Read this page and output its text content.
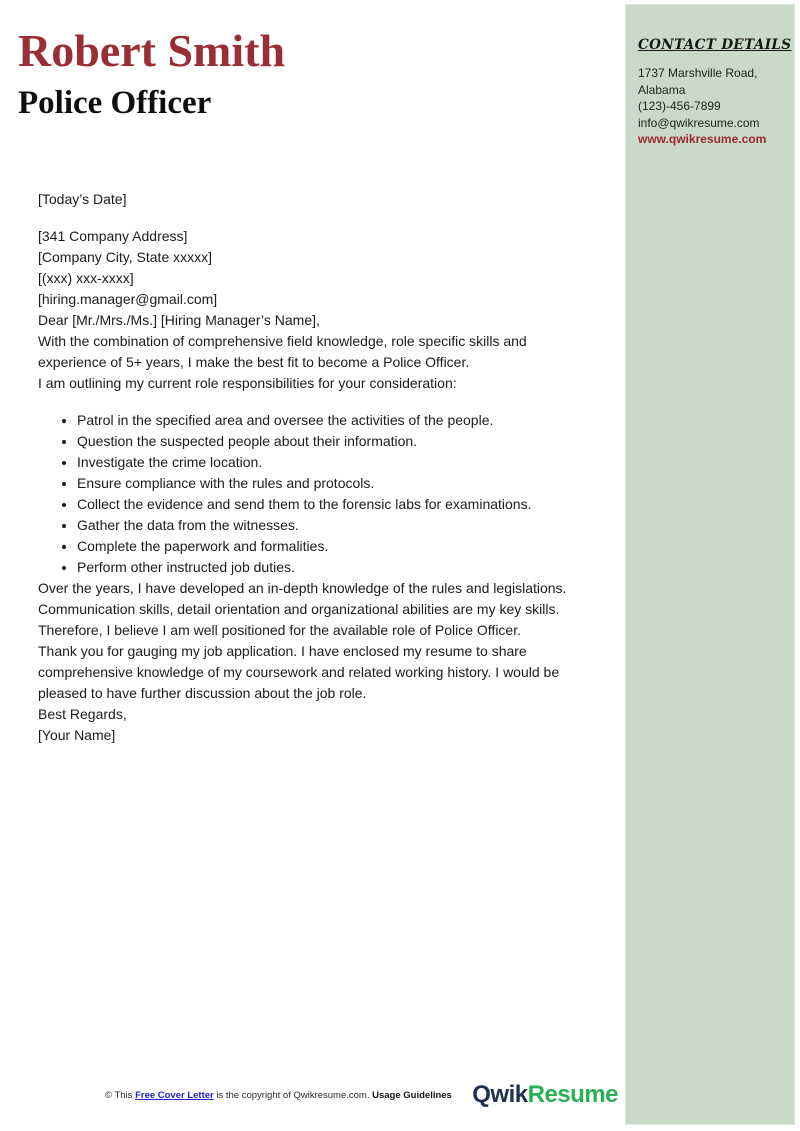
CONTACT DETAILS
1737 Marshville Road,
Alabama
(123)-456-7899
info@qwikresume.com
www.qwikresume.com
Robert Smith
Police Officer

[Today’s Date]

[341 Company Address]

[Company City, State xxxxx]

[(xxx) xxx-xxxx]

[hiring.manager@gmail.com]

Dear [Mr./Mrs./Ms.] [Hiring Manager’s Name],

With the combination of comprehensive field knowledge, role specific skills and experience of 5+ years, I make the best fit to become a Police Officer.

I am outlining my current role responsibilities for your consideration:

• Patrol in the specified area and oversee the activities of the people.
• Question the suspected people about their information.
• Investigate the crime location.
• Ensure compliance with the rules and protocols.
• Collect the evidence and send them to the forensic labs for examinations.
• Gather the data from the witnesses.
• Complete the paperwork and formalities.
• Perform other instructed job duties.

Over the years, I have developed an in-depth knowledge of the rules and legislations. Communication skills, detail orientation and organizational abilities are my key skills. Therefore, I believe I am well positioned for the available role of Police Officer.

Thank you for gauging my job application. I have enclosed my resume to share comprehensive knowledge of my coursework and related working history. I would be pleased to have further discussion about the job role.

Best Regards,

[Your Name]

© This Free Cover Letter is the copyright of Qwikresume.com. Usage Guidelines QwikResume
